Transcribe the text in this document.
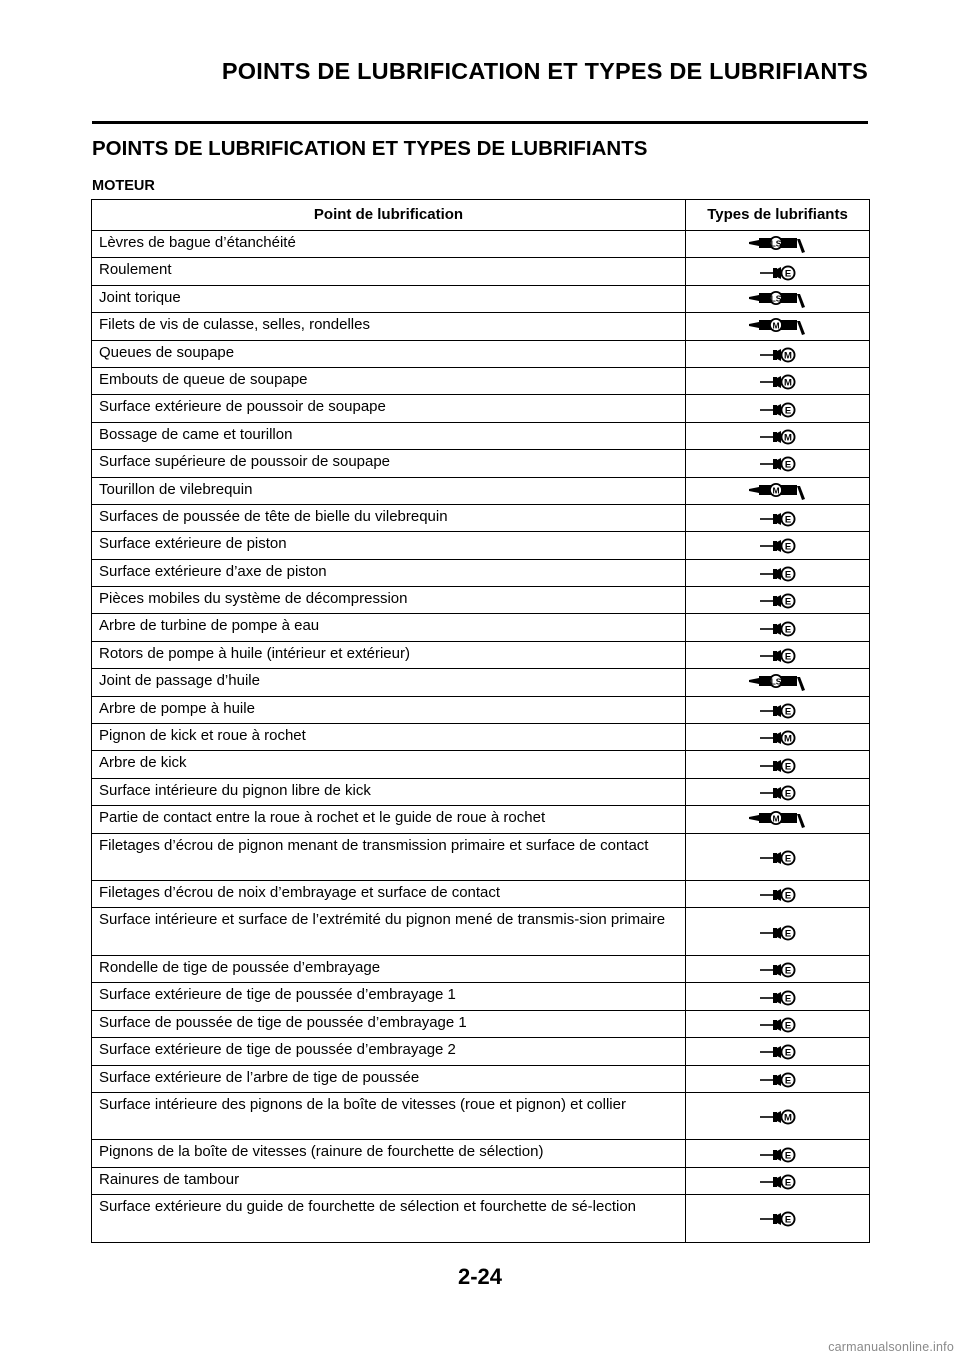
POINTS DE LUBRIFICATION ET TYPES DE LUBRIFIANTS
POINTS DE LUBRIFICATION ET TYPES DE LUBRIFIANTS
MOTEUR
Point de lubrification	Types de lubrifiants
Lèvres de bague d’étanchéité	LS

Roulement	E

Joint torique	LS

Filets de vis de culasse, selles, rondelles	M

Queues de soupape	M

Embouts de queue de soupape	M

Surface extérieure de poussoir de soupape	E

Bossage de came et tourillon	M

Surface supérieure de poussoir de soupape	E

Tourillon de vilebrequin	M

Surfaces de poussée de tête de bielle du vilebrequin	E

Surface extérieure de piston	E

Surface extérieure d’axe de piston	E

Pièces mobiles du système de décompression	E

Arbre de turbine de pompe à eau	E

Rotors de pompe à huile (intérieur et extérieur)	E

Joint de passage d’huile	LS

Arbre de pompe à huile	E

Pignon de kick et roue à rochet	M

Arbre de kick	E

Surface intérieure du pignon libre de kick	E

Partie de contact entre la roue à rochet et le guide de roue à rochet	M

Filetages d’écrou de pignon menant de transmission primaire et surface de contact	E

Filetages d’écrou de noix d’embrayage et surface de contact	E

Surface intérieure et surface de l’extrémité du pignon mené de transmis-sion primaire	E

Rondelle de tige de poussée d’embrayage	E

Surface extérieure de tige de poussée d’embrayage 1	E

Surface de poussée de tige de poussée d’embrayage 1	E

Surface extérieure de tige de poussée d’embrayage 2	E

Surface extérieure de l’arbre de tige de poussée	E

Surface intérieure des pignons de la boîte de vitesses (roue et pignon) et collier	M

Pignons de la boîte de vitesses (rainure de fourchette de sélection)	E

Rainures de tambour	E

Surface extérieure du guide de fourchette de sélection et fourchette de sé-lection	E
2-24
carmanualsonline.info
